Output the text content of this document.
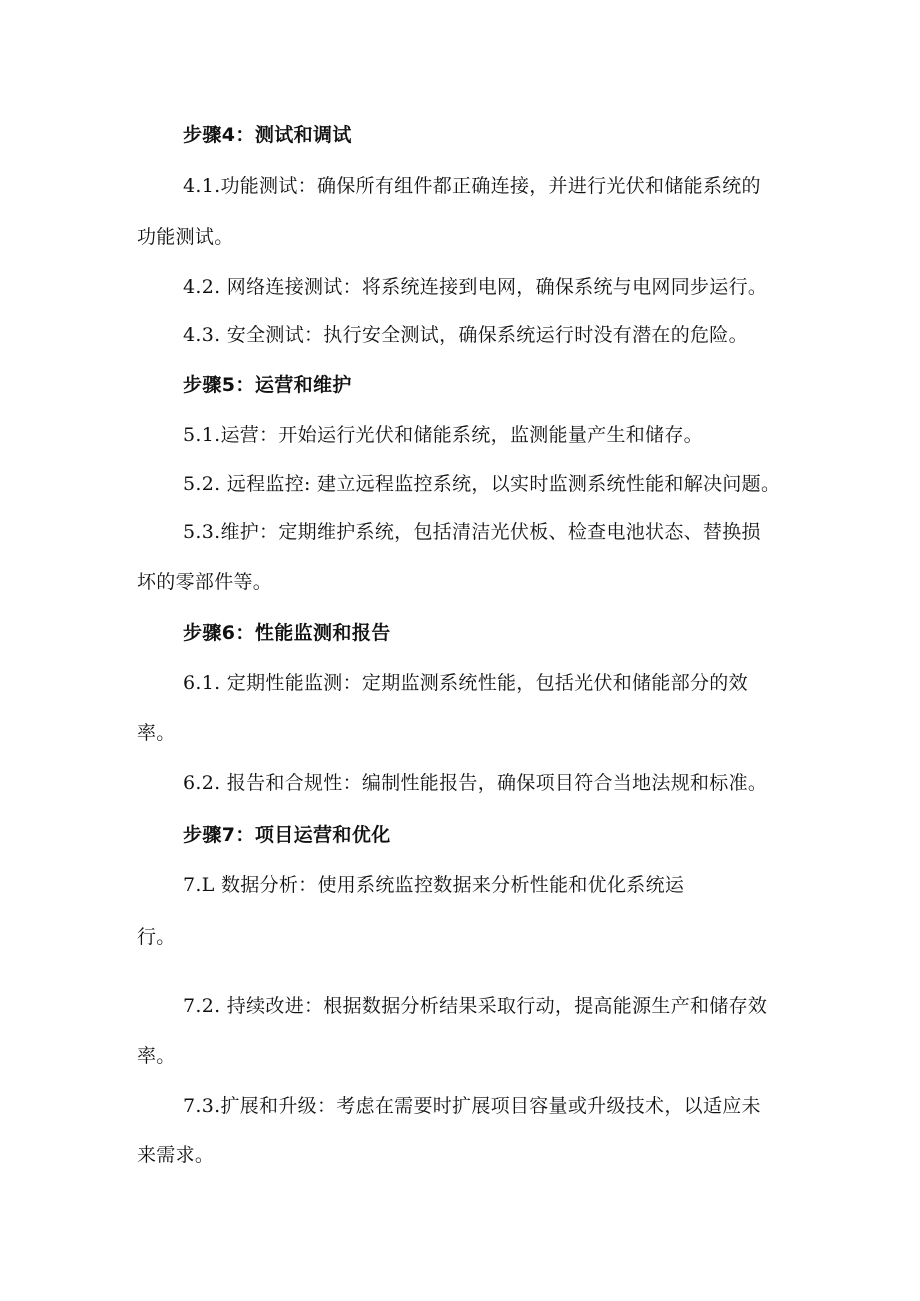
步骤4：测试和调试
4.1.功能测试：确保所有组件都正确连接，并进行光伏和储能系统的
功能测试。
4.2. 网络连接测试：将系统连接到电网，确保系统与电网同步运行。
4.3. 安全测试：执行安全测试，确保系统运行时没有潜在的危险。
步骤5：运营和维护
5.1.运营：开始运行光伏和储能系统，监测能量产生和储存。
5.2. 远程监控: 建立远程监控系统，以实时监测系统性能和解决问题。
5.3.维护：定期维护系统，包括清洁光伏板、检查电池状态、替换损
坏的零部件等。
步骤6：性能监测和报告
6.1. 定期性能监测：定期监测系统性能，包括光伏和储能部分的效
率。
6.2. 报告和合规性：编制性能报告，确保项目符合当地法规和标准。
步骤7：项目运营和优化
7.L 数据分析：使用系统监控数据来分析性能和优化系统运
行。
7.2. 持续改进：根据数据分析结果采取行动，提高能源生产和储存效
率。
7.3.扩展和升级：考虑在需要时扩展项目容量或升级技术，以适应未
来需求。
